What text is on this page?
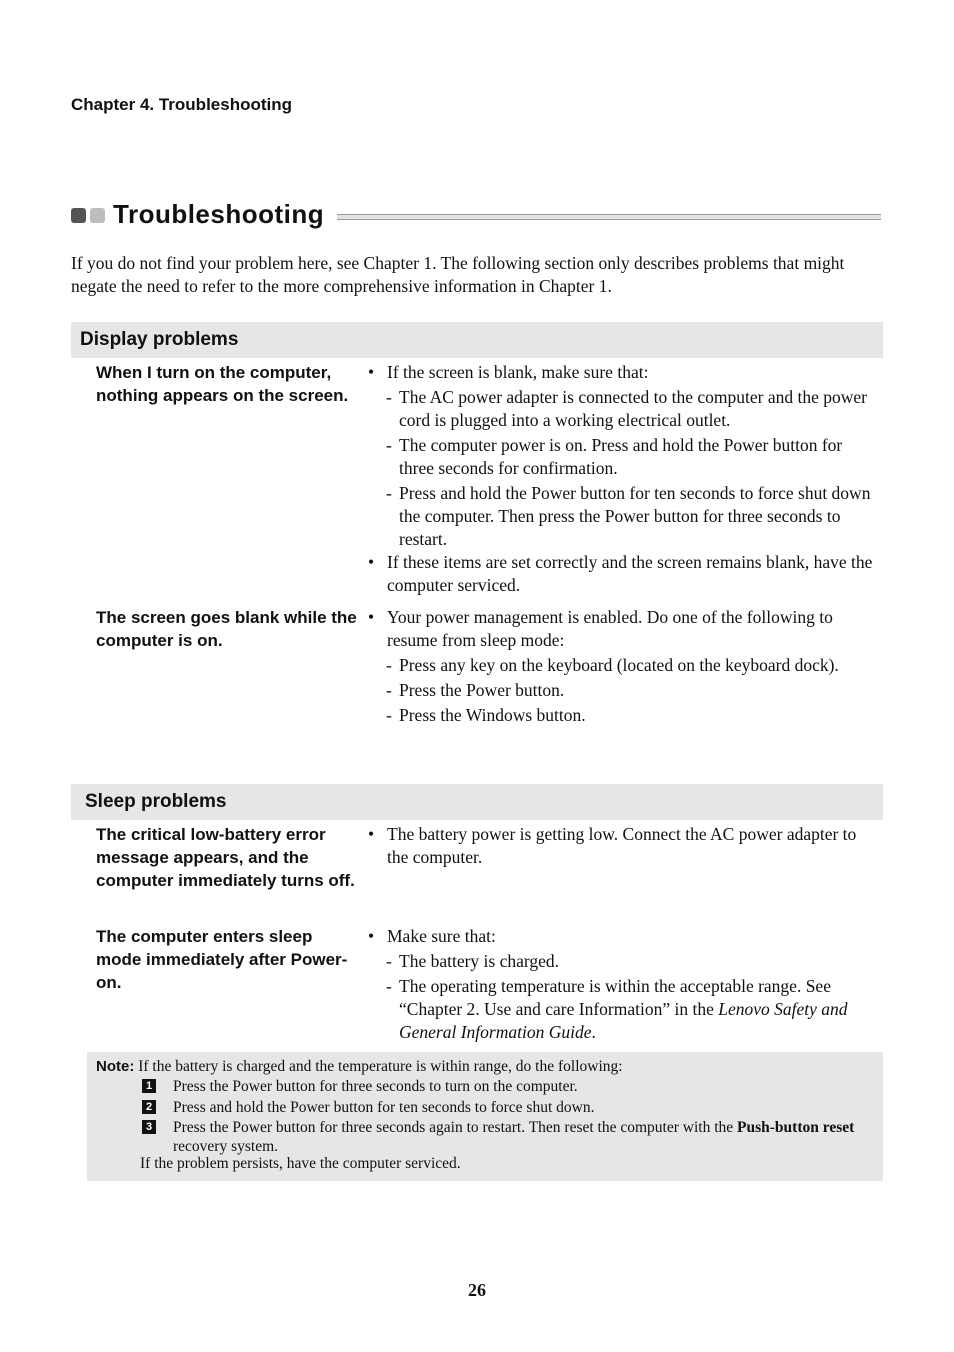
Chapter 4. Troubleshooting
Troubleshooting
If you do not find your problem here, see Chapter 1. The following section only describes problems that might negate the need to refer to the more comprehensive information in Chapter 1.
Display problems
When I turn on the computer, nothing appears on the screen.
• If the screen is blank, make sure that:
- The AC power adapter is connected to the computer and the power cord is plugged into a working electrical outlet.
- The computer power is on. Press and hold the Power button for three seconds for confirmation.
- Press and hold the Power button for ten seconds to force shut down the computer. Then press the Power button for three seconds to restart.
• If these items are set correctly and the screen remains blank, have the computer serviced.
The screen goes blank while the computer is on.
• Your power management is enabled. Do one of the following to resume from sleep mode:
- Press any key on the keyboard (located on the keyboard dock).
- Press the Power button.
- Press the Windows button.
Sleep problems
The critical low-battery error message appears, and the computer immediately turns off.
• The battery power is getting low. Connect the AC power adapter to the computer.
The computer enters sleep mode immediately after Power-on.
• Make sure that:
- The battery is charged.
- The operating temperature is within the acceptable range. See “Chapter 2. Use and care Information” in the Lenovo Safety and General Information Guide.
Note: If the battery is charged and the temperature is within range, do the following:
1 Press the Power button for three seconds to turn on the computer.
2 Press and hold the Power button for ten seconds to force shut down.
3 Press the Power button for three seconds again to restart. Then reset the computer with the Push-button reset recovery system.
If the problem persists, have the computer serviced.
26
